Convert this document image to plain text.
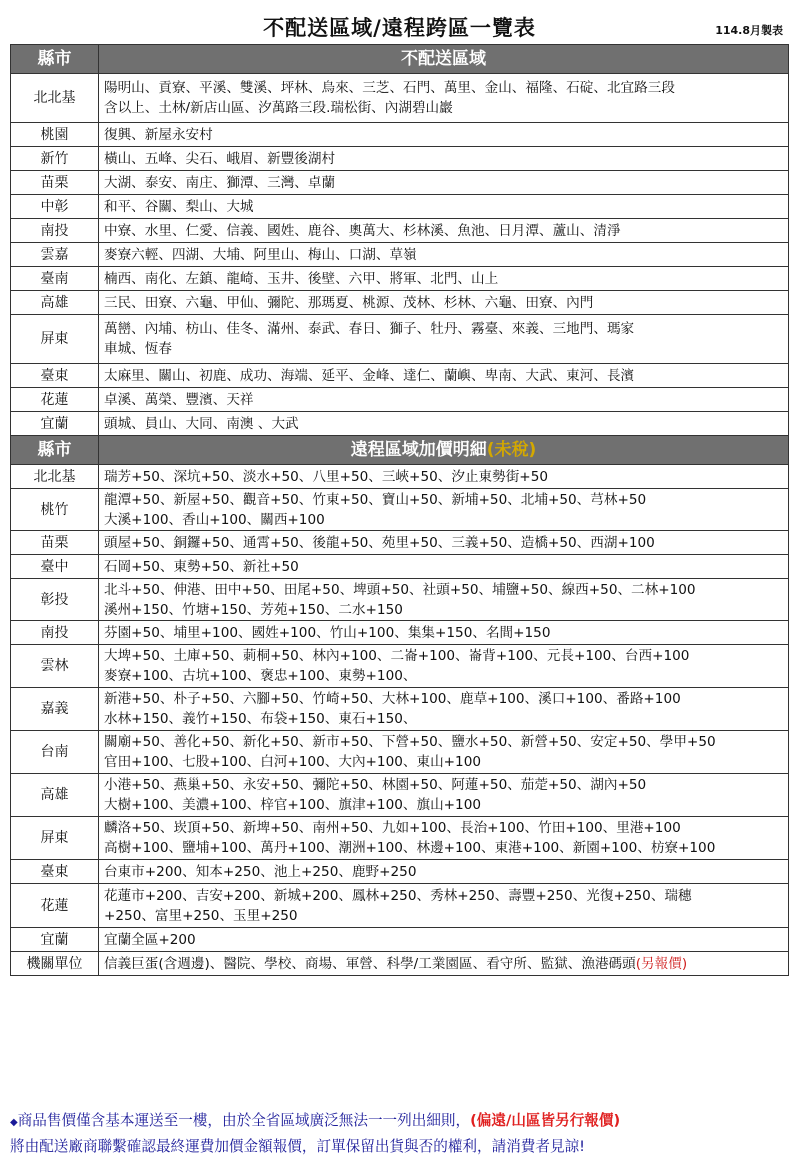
不配送區域/遠程跨區一覽表	114.8月製表
縣市	不配送區域
北北基	陽明山、貢寮、平溪、雙溪、坪林、烏來、三芝、石門、萬里、金山、福隆、石碇、北宜路三段
含以上、土林/新店山區、汐萬路三段.瑞松街、內湖碧山巖

桃園	復興、新屋永安村

新竹	橫山、五峰、尖石、峨眉、新豐後湖村

苗栗	大湖、泰安、南庄、獅潭、三灣、卓蘭

中彰	和平、谷關、梨山、大城

南投	中寮、水里、仁愛、信義、國姓、鹿谷、奧萬大、杉林溪、魚池、日月潭、蘆山、清淨

雲嘉	麥寮六輕、四湖、大埔、阿里山、梅山、口湖、草嶺

臺南	楠西、南化、左鎮、龍崎、玉井、後壁、六甲、將軍、北門、山上

高雄	三民、田寮、六龜、甲仙、彌陀、那瑪夏、桃源、茂林、杉林、六龜、田寮、內門

屏東	萬巒、內埔、枋山、佳冬、滿州、泰武、春日、獅子、牡丹、霧臺、來義、三地門、瑪家
車城、恆春

臺東	太麻里、關山、初鹿、成功、海端、延平、金峰、達仁、蘭嶼、卑南、大武、東河、長濱

花蓮	卓溪、萬榮、豐濱、天祥

宜蘭	頭城、員山、大同、南澳 、大武

縣市	遠程區域加價明細(未稅)
北北基	瑞芳+50、深坑+50、淡水+50、八里+50、三峽+50、汐止東勢街+50

桃竹	龍潭+50、新屋+50、觀音+50、竹東+50、寶山+50、新埔+50、北埔+50、芎林+50
大溪+100、香山+100、關西+100

苗栗	頭屋+50、銅鑼+50、通霄+50、後龍+50、苑里+50、三義+50、造橋+50、西湖+100

臺中	石岡+50、東勢+50、新社+50

彰投	北斗+50、伸港、田中+50、田尾+50、埤頭+50、社頭+50、埔鹽+50、線西+50、二林+100
溪州+150、竹塘+150、芳苑+150、二水+150

南投	芬園+50、埔里+100、國姓+100、竹山+100、集集+150、名間+150

雲林	大埤+50、土庫+50、莿桐+50、林內+100、二崙+100、崙背+100、元長+100、台西+100
麥寮+100、古坑+100、褒忠+100、東勢+100、

嘉義	新港+50、朴子+50、六腳+50、竹崎+50、大林+100、鹿草+100、溪口+100、番路+100
水林+150、義竹+150、布袋+150、東石+150、

台南	關廟+50、善化+50、新化+50、新市+50、下營+50、鹽水+50、新營+50、安定+50、學甲+50
官田+100、七股+100、白河+100、大內+100、東山+100

高雄	小港+50、燕巢+50、永安+50、彌陀+50、林園+50、阿蓮+50、茄萣+50、湖內+50
大樹+100、美濃+100、梓官+100、旗津+100、旗山+100

屏東	麟洛+50、崁頂+50、新埤+50、南州+50、九如+100、長治+100、竹田+100、里港+100
高樹+100、鹽埔+100、萬丹+100、潮洲+100、林邊+100、東港+100、新園+100、枋寮+100

臺東	台東市+200、知本+250、池上+250、鹿野+250

花蓮	花蓮市+200、吉安+200、新城+200、鳳林+250、秀林+250、壽豐+250、光復+250、瑞穗
+250、富里+250、玉里+250

宜蘭	宜蘭全區+200

機關單位	信義巨蛋(含週邊)、醫院、學校、商場、軍營、科學/工業園區、看守所、監獄、漁港碼頭(另報價)
◆商品售價僅含基本運送至一樓，由於全省區域廣泛無法一一列出細則，(偏遠/山區皆另行報價)
將由配送廠商聯繫確認最終運費加價金額報價，訂單保留出貨與否的權利，請消費者見諒!
